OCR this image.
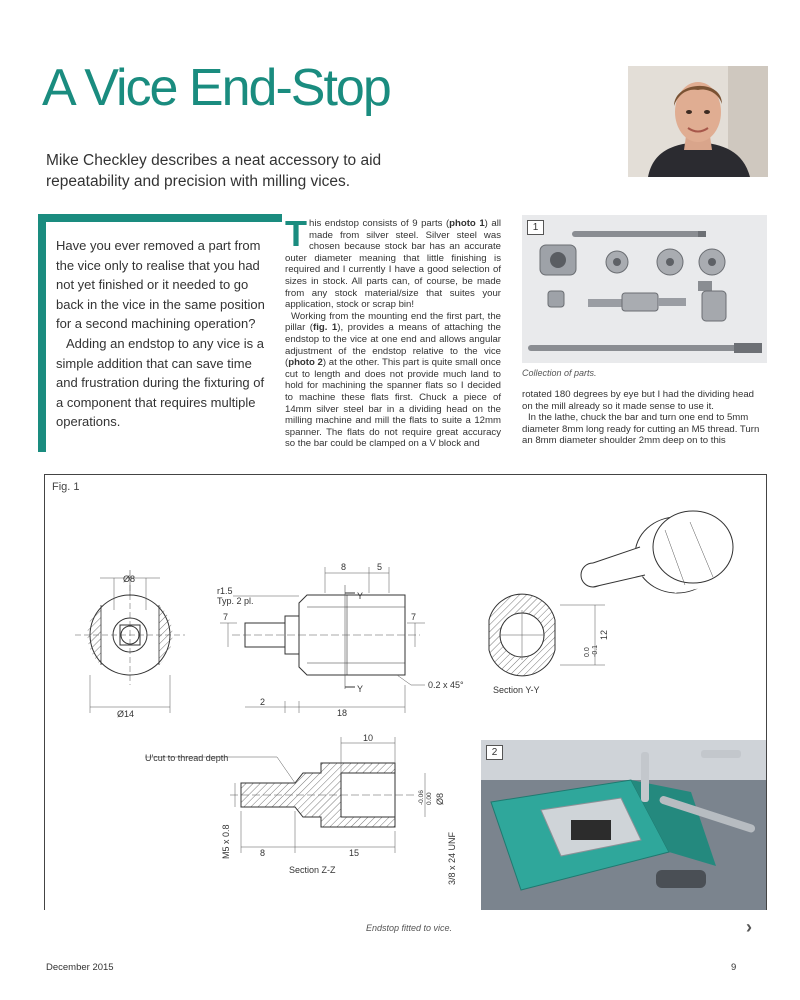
A Vice End-Stop

Mike Checkley describes a neat accessory to aid repeatability and precision with milling vices.

Have you ever removed a part from the vice only to realise that you had not yet finished or it needed to go back in the vice in the same position for a second machining operation?

Adding an endstop to any vice is a simple addition that can save time and frustration during the fixturing of a component that requires multiple operations.

This endstop consists of 9 parts (photo 1) all made from silver steel. Silver steel was chosen because stock bar has an accurate outer diameter meaning that little finishing is required and I currently I have a good selection of sizes in stock. All parts can, of course, be made from any stock material/size that suites your application, stock or scrap bin!
Working from the mounting end the first part, the pillar (fig. 1), provides a means of attaching the endstop to the vice at one end and allows angular adjustment of the endstop relative to the vice (photo 2) at the other. This part is quite small once cut to length and does not provide much land to hold for machining the spanner flats so I decided to machine these flats first. Chuck a piece of 14mm silver steel bar in a dividing head on the milling machine and mill the flats to suite a 12mm spanner. The flats do not require great accuracy so the bar could be clamped on a V block and
1
Collection of parts.

rotated 180 degrees by eye but I had the dividing head on the mill already so it made sense to use it.

In the lathe, chuck the bar and turn one end to 5mm diameter 8mm long ready for cutting an M5 thread. Turn an 8mm diameter shoulder 2mm deep on to this

Fig. 1
Ø8
Ø14
Y
Y
8	5
r1.5
Typ. 2 pl.
7	7
0.2 x 45°
2
18
Section Y-Y
0.0 -0.1
12
U'cut to thread depth
10
M5 x 0.8	8	15
-0.06 0.00 Ø8
3/8 x 24 UNF
Section Z-Z
2
Endstop fitted to vice.	›
December 2015	9
